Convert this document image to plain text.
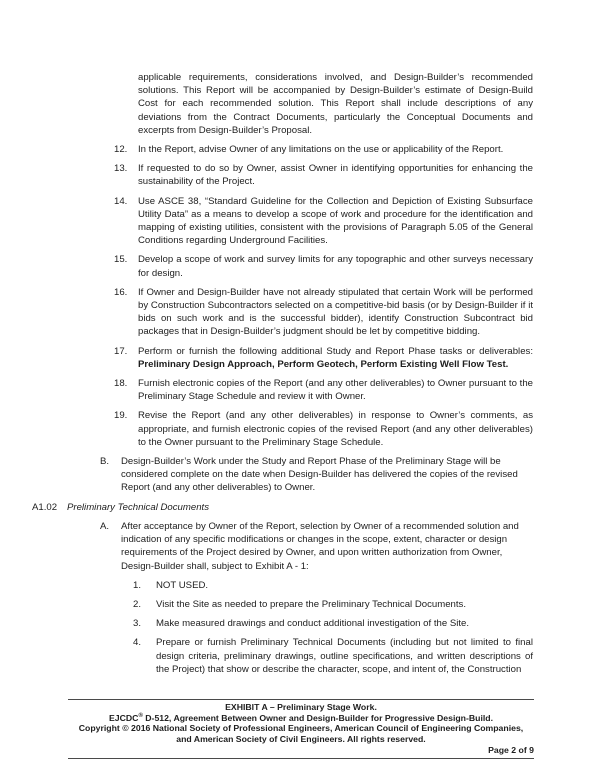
applicable requirements, considerations involved, and Design-Builder’s recommended solutions. This Report will be accompanied by Design-Builder’s estimate of Design-Build Cost for each recommended solution. This Report shall include descriptions of any deviations from the Contract Documents, particularly the Conceptual Documents and excerpts from Design-Builder’s Proposal.
12. In the Report, advise Owner of any limitations on the use or applicability of the Report.
13. If requested to do so by Owner, assist Owner in identifying opportunities for enhancing the sustainability of the Project.
14. Use ASCE 38, “Standard Guideline for the Collection and Depiction of Existing Subsurface Utility Data” as a means to develop a scope of work and procedure for the identification and mapping of existing utilities, consistent with the provisions of Paragraph 5.05 of the General Conditions regarding Underground Facilities.
15. Develop a scope of work and survey limits for any topographic and other surveys necessary for design.
16. If Owner and Design-Builder have not already stipulated that certain Work will be performed by Construction Subcontractors selected on a competitive-bid basis (or by Design-Builder if it bids on such work and is the successful bidder), identify Construction Subcontract bid packages that in Design-Builder’s judgment should be let by competitive bidding.
17. Perform or furnish the following additional Study and Report Phase tasks or deliverables: Preliminary Design Approach, Perform Geotech, Perform Existing Well Flow Test.
18. Furnish electronic copies of the Report (and any other deliverables) to Owner pursuant to the Preliminary Stage Schedule and review it with Owner.
19. Revise the Report (and any other deliverables) in response to Owner’s comments, as appropriate, and furnish electronic copies of the revised Report (and any other deliverables) to the Owner pursuant to the Preliminary Stage Schedule.
B. Design-Builder’s Work under the Study and Report Phase of the Preliminary Stage will be considered complete on the date when Design-Builder has delivered the copies of the revised Report (and any other deliverables) to Owner.
A1.02 Preliminary Technical Documents
A. After acceptance by Owner of the Report, selection by Owner of a recommended solution and indication of any specific modifications or changes in the scope, extent, character or design requirements of the Project desired by Owner, and upon written authorization from Owner, Design-Builder shall, subject to Exhibit A - 1:
1. NOT USED.
2. Visit the Site as needed to prepare the Preliminary Technical Documents.
3. Make measured drawings and conduct additional investigation of the Site.
4. Prepare or furnish Preliminary Technical Documents (including but not limited to final design criteria, preliminary drawings, outline specifications, and written descriptions of the Project) that show or describe the character, scope, and intent of, the Construction
EXHIBIT A – Preliminary Stage Work.
EJCDC® D-512, Agreement Between Owner and Design-Builder for Progressive Design-Build.
Copyright © 2016 National Society of Professional Engineers, American Council of Engineering Companies,
and American Society of Civil Engineers. All rights reserved.
Page 2 of 9
